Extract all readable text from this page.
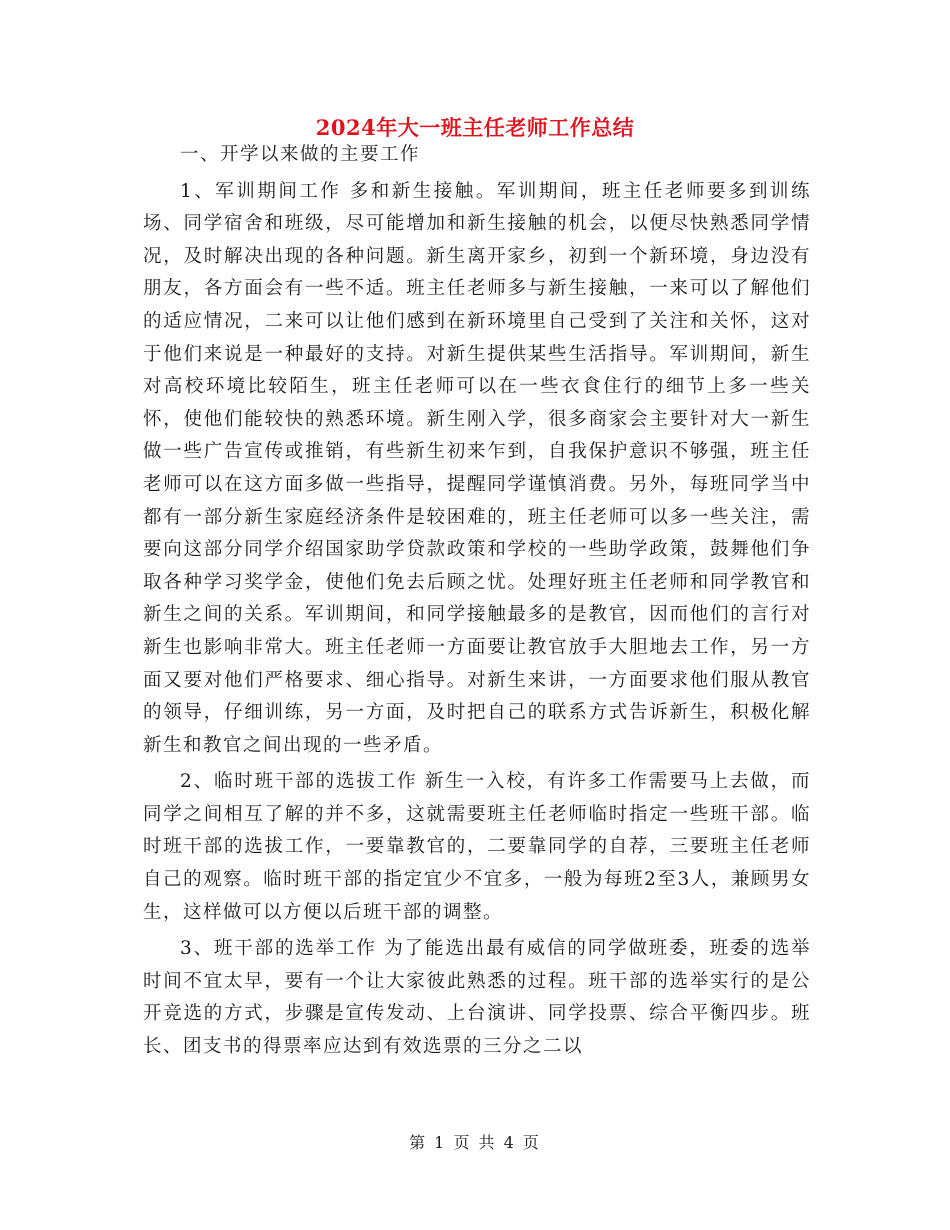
2024年大一班主任老师工作总结

一、开学以来做的主要工作

1、军训期间工作 多和新生接触。军训期间，班主任老师要多到训练场、同学宿舍和班级，尽可能增加和新生接触的机会，以便尽快熟悉同学情况，及时解决出现的各种问题。新生离开家乡，初到一个新环境，身边没有朋友，各方面会有一些不适。班主任老师多与新生接触，一来可以了解他们的适应情况，二来可以让他们感到在新环境里自己受到了关注和关怀，这对于他们来说是一种最好的支持。对新生提供某些生活指导。军训期间，新生对高校环境比较陌生，班主任老师可以在一些衣食住行的细节上多一些关怀，使他们能较快的熟悉环境。新生刚入学，很多商家会主要针对大一新生做一些广告宣传或推销，有些新生初来乍到，自我保护意识不够强，班主任老师可以在这方面多做一些指导，提醒同学谨慎消费。另外，每班同学当中都有一部分新生家庭经济条件是较困难的，班主任老师可以多一些关注，需要向这部分同学介绍国家助学贷款政策和学校的一些助学政策，鼓舞他们争取各种学习奖学金，使他们免去后顾之忧。处理好班主任老师和同学教官和新生之间的关系。军训期间，和同学接触最多的是教官，因而他们的言行对新生也影响非常大。班主任老师一方面要让教官放手大胆地去工作，另一方面又要对他们严格要求、细心指导。对新生来讲，一方面要求他们服从教官的领导，仔细训练，另一方面，及时把自己的联系方式告诉新生，积极化解新生和教官之间出现的一些矛盾。

2、临时班干部的选拔工作 新生一入校，有许多工作需要马上去做，而同学之间相互了解的并不多，这就需要班主任老师临时指定一些班干部。临时班干部的选拔工作，一要靠教官的，二要靠同学的自荐，三要班主任老师自己的观察。临时班干部的指定宜少不宜多，一般为每班2至3人，兼顾男女生，这样做可以方便以后班干部的调整。

3、班干部的选举工作 为了能选出最有威信的同学做班委，班委的选举时间不宜太早，要有一个让大家彼此熟悉的过程。班干部的选举实行的是公开竞选的方式，步骤是宣传发动、上台演讲、同学投票、综合平衡四步。班长、团支书的得票率应达到有效选票的三分之二以

第 1 页 共 4 页
